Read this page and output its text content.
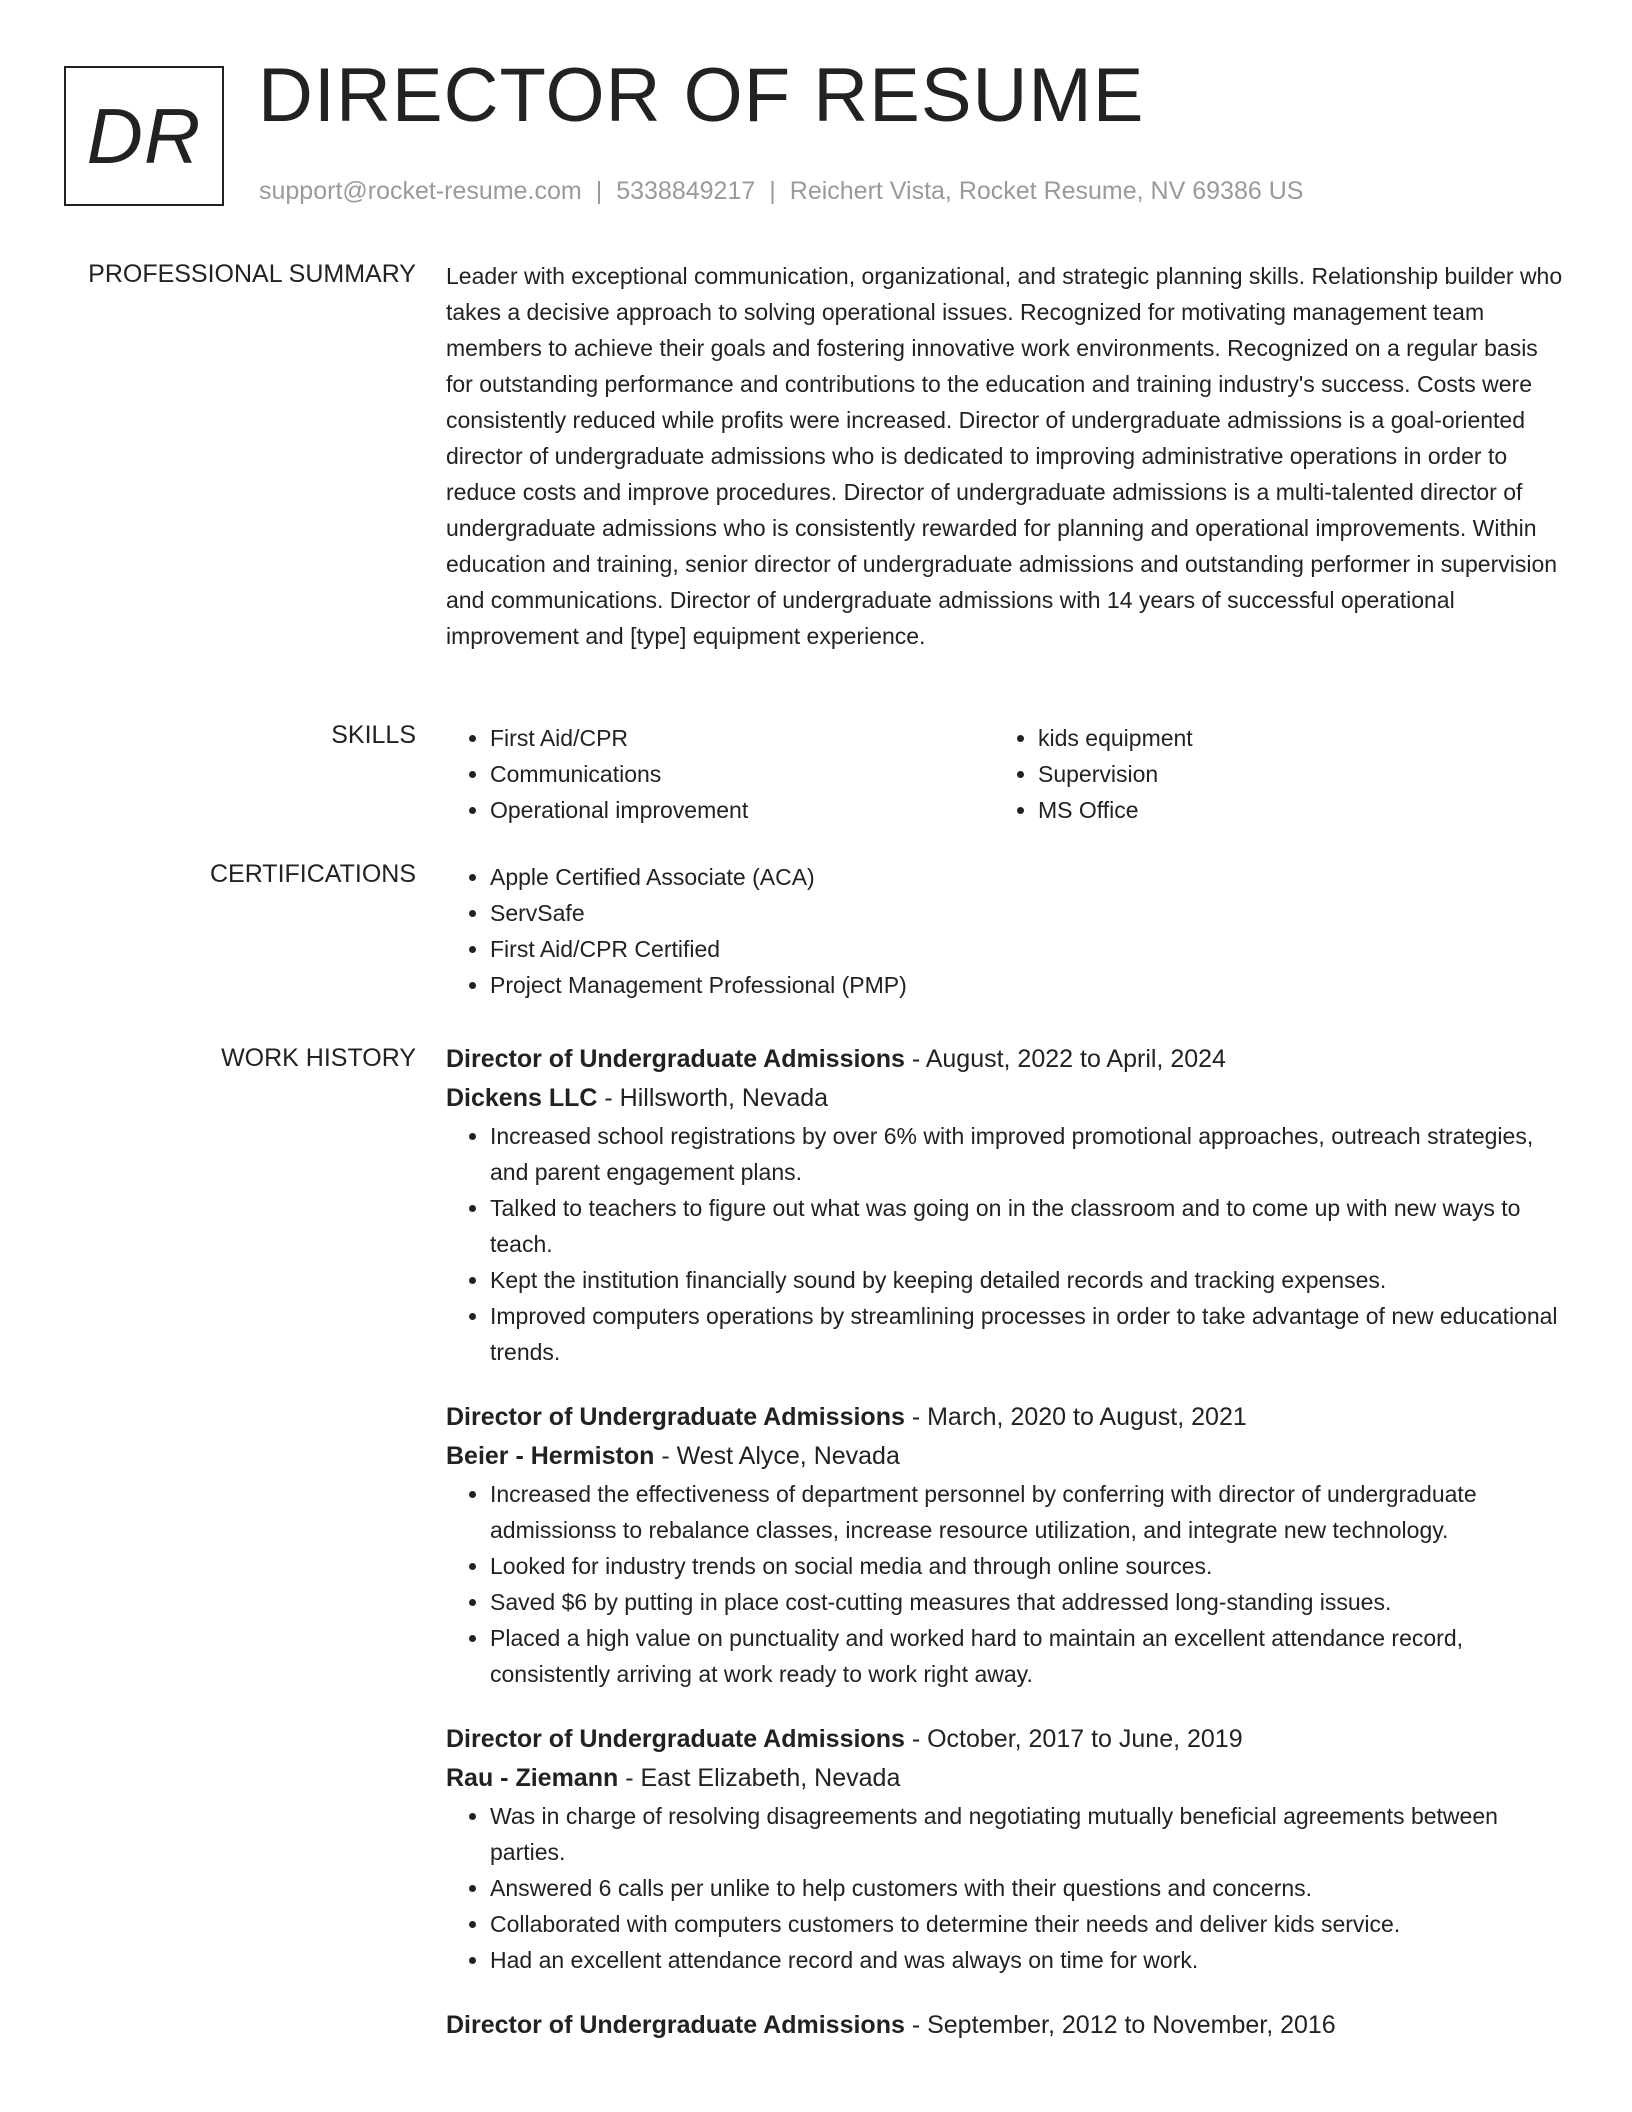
DR DIRECTOR OF RESUME
support@rocket-resume.com | 5338849217 | Reichert Vista, Rocket Resume, NV 69386 US
PROFESSIONAL SUMMARY Leader with exceptional communication, organizational, and strategic planning skills. Relationship builder who takes a decisive approach to solving operational issues. Recognized for motivating management team members to achieve their goals and fostering innovative work environments. Recognized on a regular basis for outstanding performance and contributions to the education and training industry's success. Costs were consistently reduced while profits were increased. Director of undergraduate admissions is a goal-oriented director of undergraduate admissions who is dedicated to improving administrative operations in order to reduce costs and improve procedures. Director of undergraduate admissions is a multi-talented director of undergraduate admissions who is consistently rewarded for planning and operational improvements. Within education and training, senior director of undergraduate admissions and outstanding performer in supervision and communications. Director of undergraduate admissions with 14 years of successful operational improvement and [type] equipment experience.

SKILLS	• First Aid/CPR
• Communications
• Operational improvement
• kids equipment
• Supervision
• MS Office
CERTIFICATIONS	• Apple Certified Associate (ACA)
• ServSafe
• First Aid/CPR Certified
• Project Management Professional (PMP)
WORK HISTORY Director of Undergraduate Admissions - August, 2022 to April, 2024
Dickens LLC - Hillsworth, Nevada
• Increased school registrations by over 6% with improved promotional approaches, outreach strategies, and parent engagement plans.
• Talked to teachers to figure out what was going on in the classroom and to come up with new ways to teach.
• Kept the institution financially sound by keeping detailed records and tracking expenses.
• Improved computers operations by streamlining processes in order to take advantage of new educational trends.
Director of Undergraduate Admissions - March, 2020 to August, 2021
Beier - Hermiston - West Alyce, Nevada
• Increased the effectiveness of department personnel by conferring with director of undergraduate admissionss to rebalance classes, increase resource utilization, and integrate new technology.
• Looked for industry trends on social media and through online sources.
• Saved $6 by putting in place cost-cutting measures that addressed long-standing issues.
• Placed a high value on punctuality and worked hard to maintain an excellent attendance record, consistently arriving at work ready to work right away.
Director of Undergraduate Admissions - October, 2017 to June, 2019
Rau - Ziemann - East Elizabeth, Nevada
• Was in charge of resolving disagreements and negotiating mutually beneficial agreements between parties.
• Answered 6 calls per unlike to help customers with their questions and concerns.
• Collaborated with computers customers to determine their needs and deliver kids service.
• Had an excellent attendance record and was always on time for work.
Director of Undergraduate Admissions - September, 2012 to November, 2016
